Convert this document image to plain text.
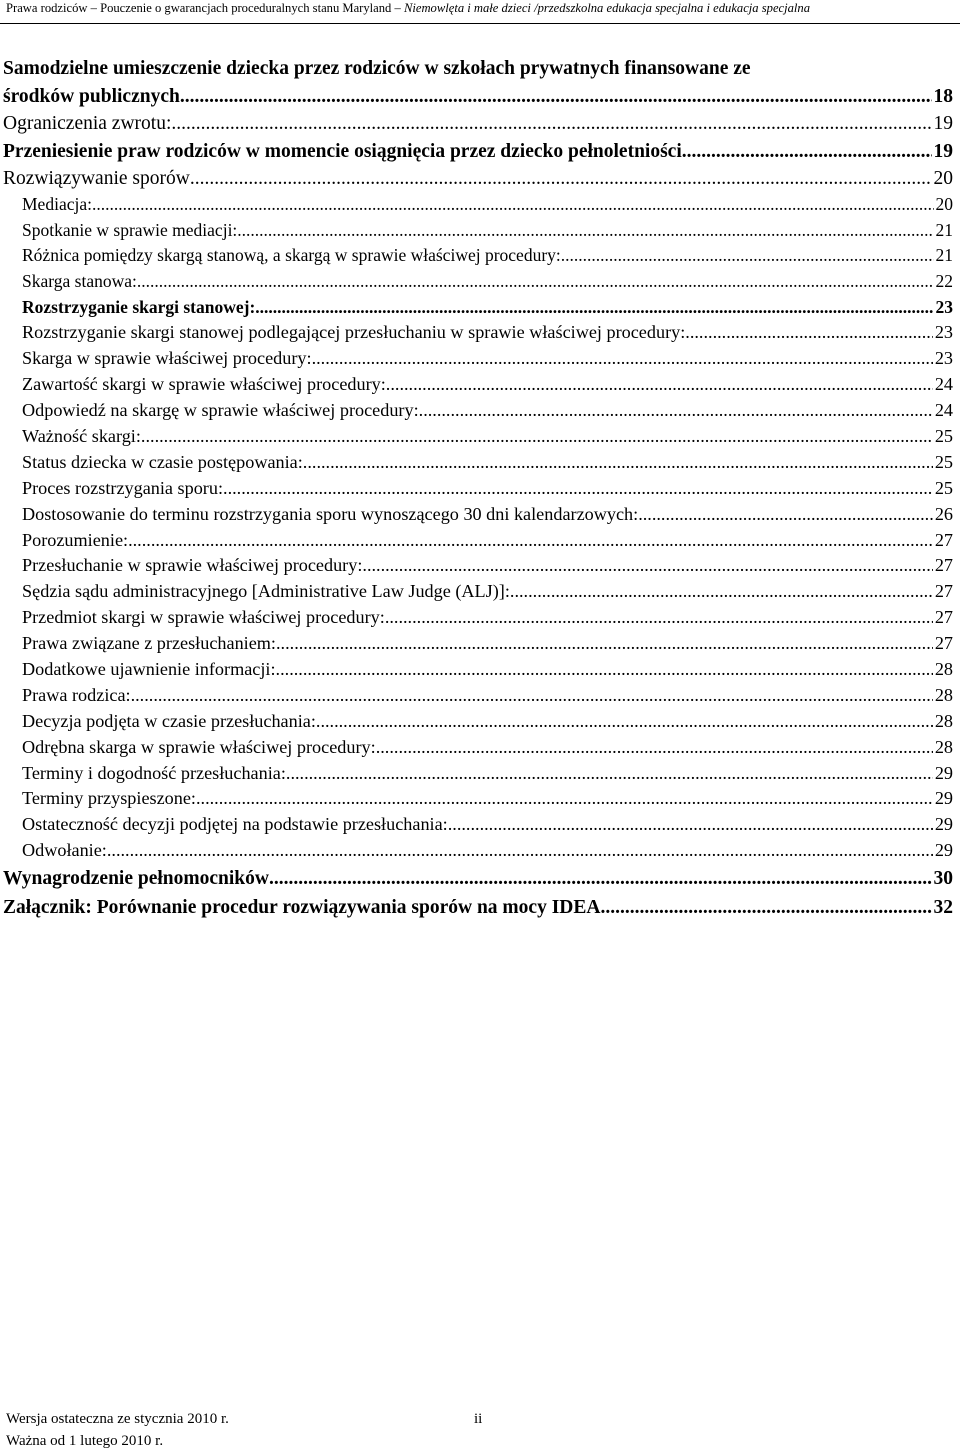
Prawa rodziców – Pouczenie o gwarancjach proceduralnych stanu Maryland – Niemowlęta i małe dzieci /przedszkolna edukacja specjalna i edukacja specjalna
Samodzielne umieszczenie dziecka przez rodziców w szkołach prywatnych finansowane ze
środków publicznych .....	18
Ograniczenia zwrotu: .....	19
Przeniesienie praw rodziców w momencie osiągnięcia przez dziecko pełnoletniości .....	19
Rozwiązywanie sporów .....	20
Mediacja: .....	20
Spotkanie w sprawie mediacji: .....	21
Różnica pomiędzy skargą stanową, a skargą w sprawie właściwej procedury: .....	21
Skarga stanowa: .....	22
Rozstrzyganie skargi stanowej: .....	23
Rozstrzyganie skargi stanowej podlegającej przesłuchaniu w sprawie właściwej procedury: .....	23
Skarga w sprawie właściwej procedury: .....	23
Zawartość skargi w sprawie właściwej procedury: .....	24
Odpowiedź na skargę w sprawie właściwej procedury: .....	24
Ważność skargi: .....	25
Status dziecka w czasie postępowania: .....	25
Proces rozstrzygania sporu: .....	25
Dostosowanie do terminu rozstrzygania sporu wynoszącego 30 dni kalendarzowych: .....	26
Porozumienie: .....	27
Przesłuchanie w sprawie właściwej procedury: .....	27
Sędzia sądu administracyjnego [Administrative Law Judge (ALJ)]: .....	27
Przedmiot skargi w sprawie właściwej procedury: .....	27
Prawa związane z przesłuchaniem: .....	27
Dodatkowe ujawnienie informacji: .....	28
Prawa rodzica: .....	28
Decyzja podjęta w czasie przesłuchania: .....	28
Odrębna skarga w sprawie właściwej procedury: .....	28
Terminy i dogodność przesłuchania: .....	29
Terminy przyspieszone: .....	29
Ostateczność decyzji podjętej na podstawie przesłuchania: .....	29
Odwołanie: .....	29
Wynagrodzenie pełnomocników .....	30
Załącznik: Porównanie procedur rozwiązywania sporów na mocy IDEA .....	32
Wersja ostateczna ze stycznia 2010 r.
Ważna od 1 lutego 2010 r.
ii
